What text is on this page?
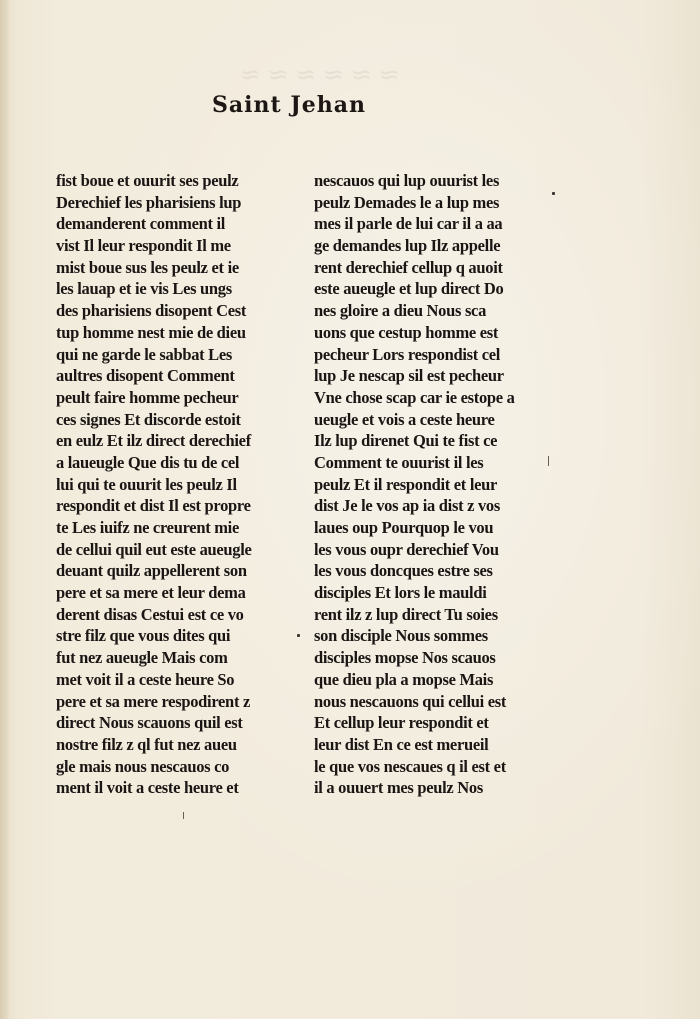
≈≈≈≈≈≈
Saint Jehan
fist boue et ouurit ses peulz
Derechief les pharisiens lup
demanderent comment il
vist Il leur respondit Il me
mist boue sus les peulz et ie
les lauap et ie vis Les ungs
des pharisiens disopent Cest
tup homme nest mie de dieu
qui ne garde le sabbat Les
aultres disopent Comment
peult faire homme pecheur
ces signes Et discorde estoit
en eulz Et ilz direct derechief
a laueugle Que dis tu de cel
lui qui te ouurit les peulz Il
respondit et dist Il est propre
te Les iuifz ne creurent mie
de cellui quil eut este aueugle
deuant quilz appellerent son
pere et sa mere et leur dema
derent disas Cestui est ce vo
stre filz que vous dites qui
fut nez aueugle Mais com
met voit il a ceste heure So
pere et sa mere respodirent z
direct Nous scauons quil est
nostre filz z ql fut nez aueu
gle mais nous nescauos co
ment il voit a ceste heure et
nescauos qui lup ouurist les
peulz Demades le a lup mes
mes il parle de lui car il a aa
ge demandes lup Ilz appelle
rent derechief cellup q auoit
este aueugle et lup direct Do
nes gloire a dieu Nous sca
uons que cestup homme est
pecheur Lors respondist cel
lup Je nescap sil est pecheur
Vne chose scap car ie estope a
ueugle et vois a ceste heure
Ilz lup direnet Qui te fist ce
Comment te ouurist il les
peulz Et il respondit et leur
dist Je le vos ap ia dist z vos
laues oup Pourquop le vou
les vous oupr derechief Vou
les vous doncques estre ses
disciples Et lors le mauldi
rent ilz z lup direct Tu soies
son disciple Nous sommes
disciples mopse Nos scauos
que dieu pla a mopse Mais
nous nescauons qui cellui est
Et cellup leur respondit et
leur dist En ce est merueil
le que vos nescaues q il est et
il a ouuert mes peulz Nos
